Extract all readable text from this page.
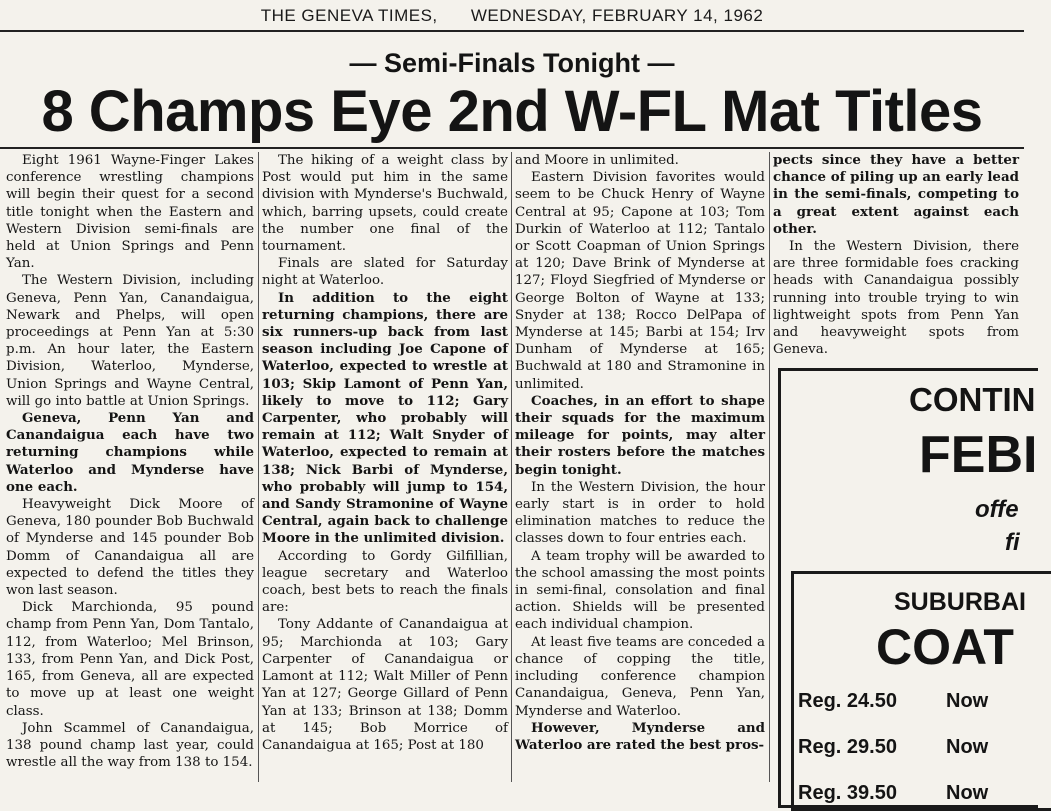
THE GENEVA TIMES, WEDNESDAY, FEBRUARY 14, 1962
— Semi-Finals Tonight —
8 Champs Eye 2nd W-FL Mat Titles

Eight 1961 Wayne-Finger Lakes conference wrestling champions will begin their quest for a second title tonight when the Eastern and Western Division semi-finals are held at Union Springs and Penn Yan.

The Western Division, including Geneva, Penn Yan, Canandaigua, Newark and Phelps, will open proceedings at Penn Yan at 5:30 p.m. An hour later, the Eastern Division, Waterloo, Mynderse, Union Springs and Wayne Central, will go into battle at Union Springs.

Geneva, Penn Yan and Canandaigua each have two returning champions while Waterloo and Mynderse have one each.

Heavyweight Dick Moore of Geneva, 180 pounder Bob Buchwald of Mynderse and 145 pounder Bob Domm of Canandaigua all are expected to defend the titles they won last season.

Dick Marchionda, 95 pound champ from Penn Yan, Dom Tantalo, 112, from Waterloo; Mel Brinson, 133, from Penn Yan, and Dick Post, 165, from Geneva, all are expected to move up at least one weight class.

John Scammel of Canandaigua, 138 pound champ last year, could wrestle all the way from 138 to 154.

The hiking of a weight class by Post would put him in the same division with Mynderse's Buchwald, which, barring upsets, could create the number one final of the tournament.

Finals are slated for Saturday night at Waterloo.

In addition to the eight returning champions, there are six runners-up back from last season including Joe Capone of Waterloo, expected to wrestle at 103; Skip Lamont of Penn Yan, likely to move to 112; Gary Carpenter, who probably will remain at 112; Walt Snyder of Waterloo, expected to remain at 138; Nick Barbi of Mynderse, who probably will jump to 154, and Sandy Stramonine of Wayne Central, again back to challenge Moore in the unlimited division.

According to Gordy Gilfillian, league secretary and Waterloo coach, best bets to reach the finals are:

Tony Addante of Canandaigua at 95; Marchionda at 103; Gary Carpenter of Canandaigua or Lamont at 112; Walt Miller of Penn Yan at 127; George Gillard of Penn Yan at 133; Brinson at 138; Domm at 145; Bob Morrice of Canandaigua at 165; Post at 180

and Moore in unlimited.

Eastern Division favorites would seem to be Chuck Henry of Wayne Central at 95; Capone at 103; Tom Durkin of Waterloo at 112; Tantalo or Scott Coapman of Union Springs at 120; Dave Brink of Mynderse at 127; Floyd Siegfried of Mynderse or George Bolton of Wayne at 133; Snyder at 138; Rocco DelPapa of Mynderse at 145; Barbi at 154; Irv Dunham of Mynderse at 165; Buchwald at 180 and Stramonine in unlimited.

Coaches, in an effort to shape their squads for the maximum mileage for points, may alter their rosters before the matches begin tonight.

In the Western Division, the hour early start is in order to hold elimination matches to reduce the classes down to four entries each.

A team trophy will be awarded to the school amassing the most points in semi-final, consolation and final action. Shields will be presented each individual champion.

At least five teams are conceded a chance of copping the title, including conference champion Canandaigua, Geneva, Penn Yan, Mynderse and Waterloo.

However, Mynderse and Waterloo are rated the best pros-

pects since they have a better chance of piling up an early lead in the semi-finals, competing to a great extent against each other.

In the Western Division, there are three formidable foes cracking heads with Canandaigua possibly running into trouble trying to win lightweight spots from Penn Yan and heavyweight spots from Geneva.

CONTIN
FEBI
offe
fi
SUBURBAI
COAT
Reg. 24.50 Now
Reg. 29.50 Now
Reg. 39.50 Now
